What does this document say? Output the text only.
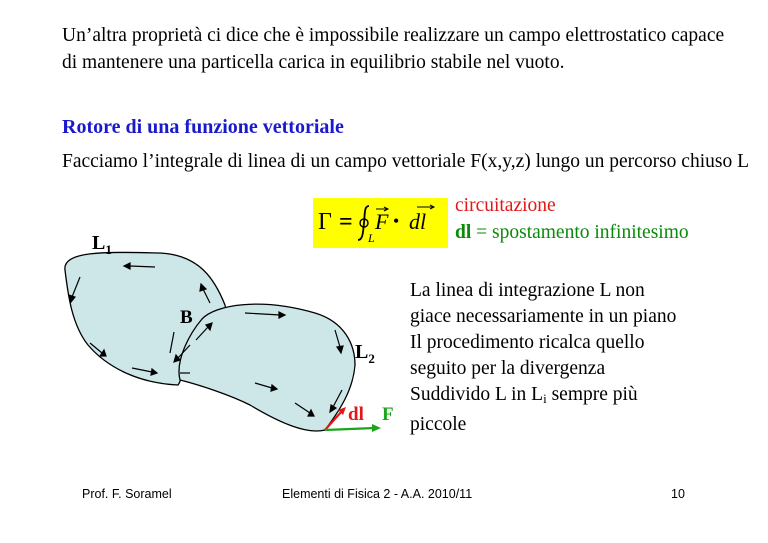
Un’altra proprietà ci dice che è impossibile realizzare un campo elettrostatico capace di mantenere una particella carica in equilibrio stabile nel vuoto.
Rotore di una funzione vettoriale
Facciamo l’integrale di linea di un campo vettoriale F(x,y,z) lungo un percorso chiuso L
Γ =
L
F • dl
circuitazione
dl = spostamento infinitesimo
$L_1$
B
$L_2$
dl F
La linea di integrazione L non
giace necessariamente in un piano
Il procedimento ricalca quello
seguito per la divergenza
Suddivido L in $L_i$ sempre più
piccole
Prof. F. Soramel	Elementi di Fisica 2 - A.A. 2010/11	10
